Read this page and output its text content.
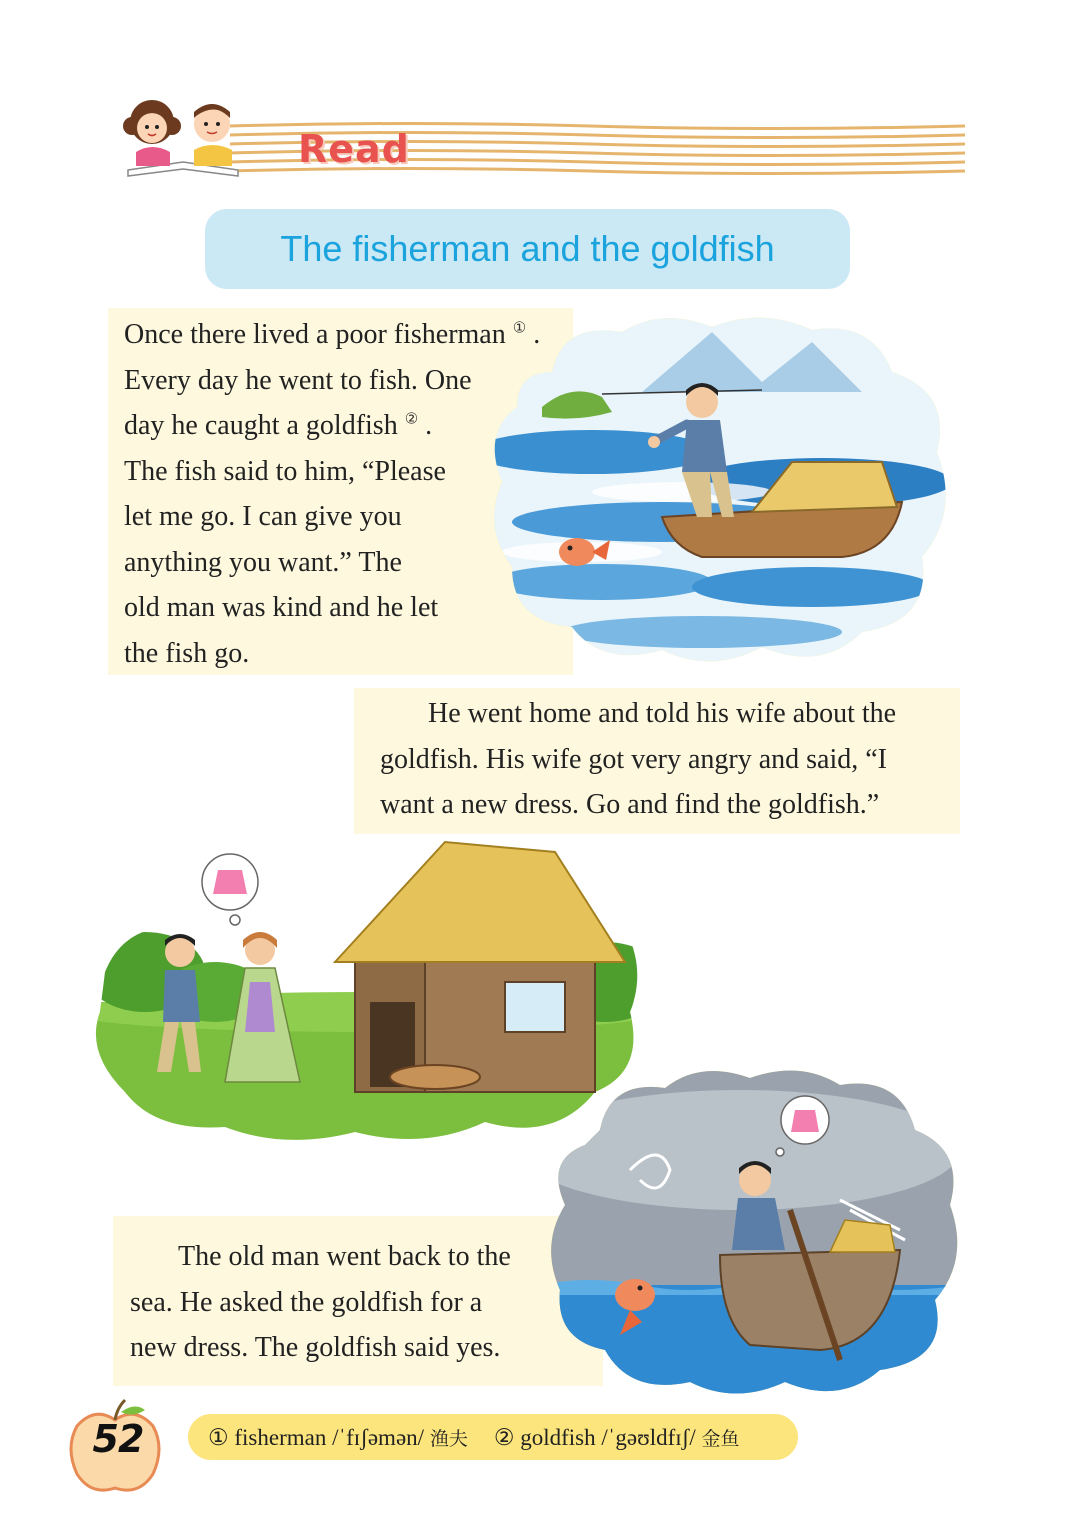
Read
The fisherman and the goldfish
Once there lived a poor fisherman ① .
Every day he went to fish. One
day he caught a goldfish ② .
The fish said to him, “Please
let me go. I can give you
anything you want.” The
old man was kind and he let
the fish go.
He went home and told his wife about the
goldfish. His wife got very angry and said, “I
want a new dress. Go and find the goldfish.”
The old man went back to the
sea. He asked the goldfish for a
new dress. The goldfish said yes.
52	① fisherman /ˈfɪʃəmən/ 渔夫 ② goldfish /ˈgəʊldfɪʃ/ 金鱼
